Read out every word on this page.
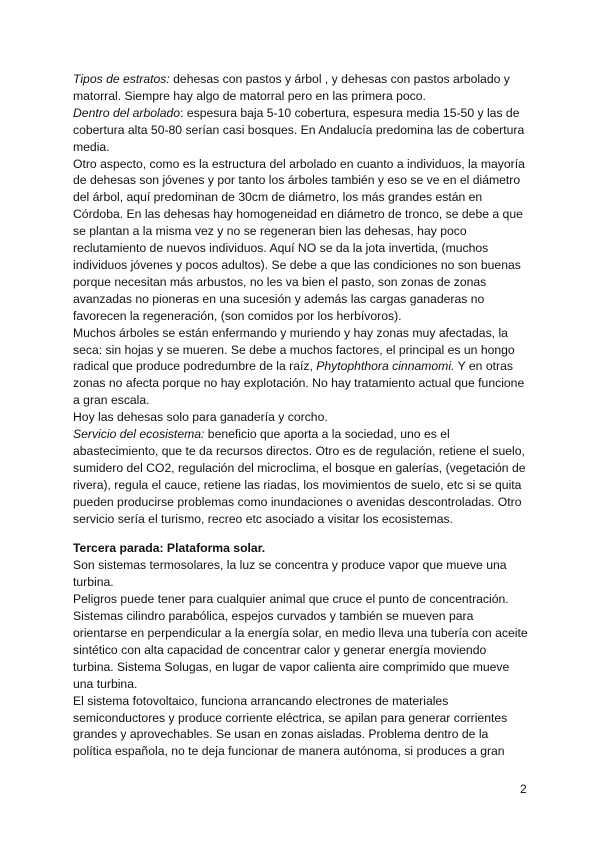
Tipos de estratos: dehesas con pastos y árbol , y dehesas con pastos arbolado y matorral. Siempre hay algo de matorral pero en las primera poco.

Dentro del arbolado: espesura baja 5-10 cobertura, espesura media 15-50 y las de cobertura alta 50-80 serían casi bosques. En Andalucía predomina las de cobertura media.

Otro aspecto, como es la estructura del arbolado en cuanto a individuos, la mayoría de dehesas son jóvenes y por tanto los árboles también y eso se ve en el diámetro del árbol, aquí predominan de 30cm de diámetro, los más grandes están en Córdoba. En las dehesas hay homogeneidad en diámetro de tronco, se debe a que se plantan a la misma vez y no se regeneran bien las dehesas, hay poco reclutamiento de nuevos individuos. Aquí NO se da la jota invertida, (muchos individuos jóvenes y pocos adultos). Se debe a que las condiciones no son buenas porque necesitan más arbustos, no les va bien el pasto, son zonas de zonas avanzadas no pioneras en una sucesión y además las cargas ganaderas no favorecen la regeneración, (son comidos por los herbívoros).

Muchos árboles se están enfermando y muriendo y hay zonas muy afectadas, la seca: sin hojas y se mueren. Se debe a muchos factores, el principal es un hongo radical que produce podredumbre de la raíz, Phytophthora cinnamomi. Y en otras zonas no afecta porque no hay explotación. No hay tratamiento actual que funcione a gran escala.

Hoy las dehesas solo para ganadería y corcho.

Servicio del ecosistema: beneficio que aporta a la sociedad, uno es el abastecimiento, que te da recursos directos. Otro es de regulación, retiene el suelo, sumidero del CO2, regulación del microclima, el bosque en galerías, (vegetación de rivera), regula el cauce, retiene las riadas, los movimientos de suelo, etc si se quita pueden producirse problemas como inundaciones o avenidas descontroladas. Otro servicio sería el turismo, recreo etc asociado a visitar los ecosistemas.

Tercera parada: Plataforma solar.

Son sistemas termosolares, la luz se concentra y produce vapor que mueve una turbina.

Peligros puede tener para cualquier animal que cruce el punto de concentración.

Sistemas cilindro parabólica, espejos curvados y también se mueven para orientarse en perpendicular a la energía solar, en medio lleva una tubería con aceite sintético con alta capacidad de concentrar calor y generar energía moviendo turbina. Sistema Solugas, en lugar de vapor calienta aire comprimido que mueve una turbina.

El sistema fotovoltaico, funciona arrancando electrones de materiales semiconductores y produce corriente eléctrica, se apilan para generar corrientes grandes y aprovechables. Se usan en zonas aisladas. Problema dentro de la política española, no te deja funcionar de manera autónoma, si produces a gran

2
